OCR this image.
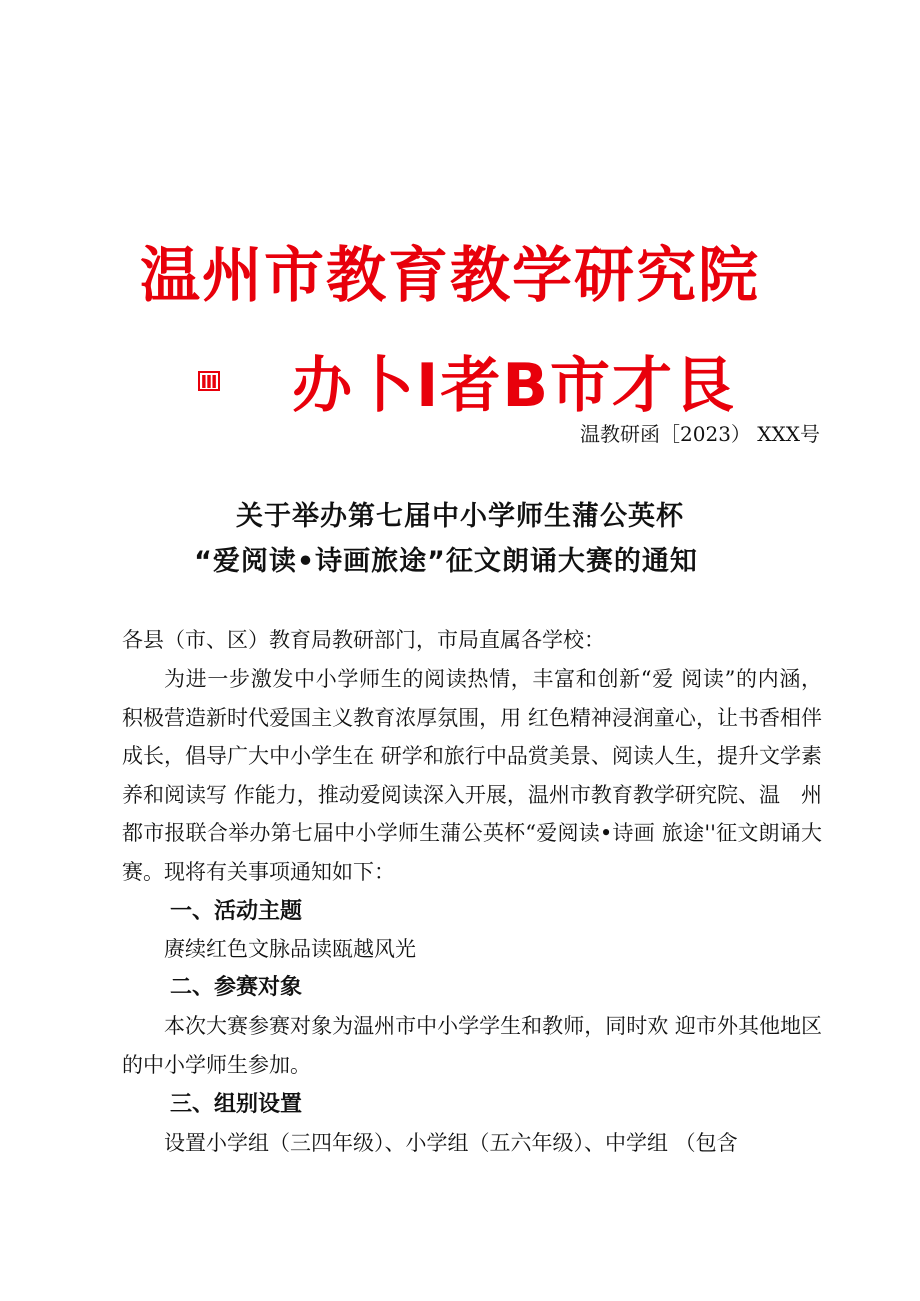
温州市教育教学研究院
Ⅲ 办卜I者B市才艮
温教研函［2023） XXX号
关于举办第七届中小学师生蒲公英杯
“爱阅读•诗画旅途”征文朗诵大赛的通知
各县（市、区）教育局教研部门，市局直属各学校：

为进一步激发中小学师生的阅读热情，丰富和创新“爱 阅读”的内涵，积极营造新时代爱国主义教育浓厚氛围，用 红色精神浸润童心，让书香相伴成长，倡导广大中小学生在 研学和旅行中品赏美景、阅读人生，提升文学素养和阅读写 作能力，推动爱阅读深入开展，温州市教育教学研究院、温　州都市报联合举办第七届中小学师生蒲公英杯“爱阅读•诗画 旅途''征文朗诵大赛。现将有关事项通知如下：

一、活动主题

赓续红色文脉品读瓯越风光

二、参赛对象

本次大赛参赛对象为温州市中小学学生和教师，同时欢 迎市外其他地区的中小学师生参加。

三、组别设置

设置小学组（三四年级）、小学组（五六年级）、中学组 （包含
